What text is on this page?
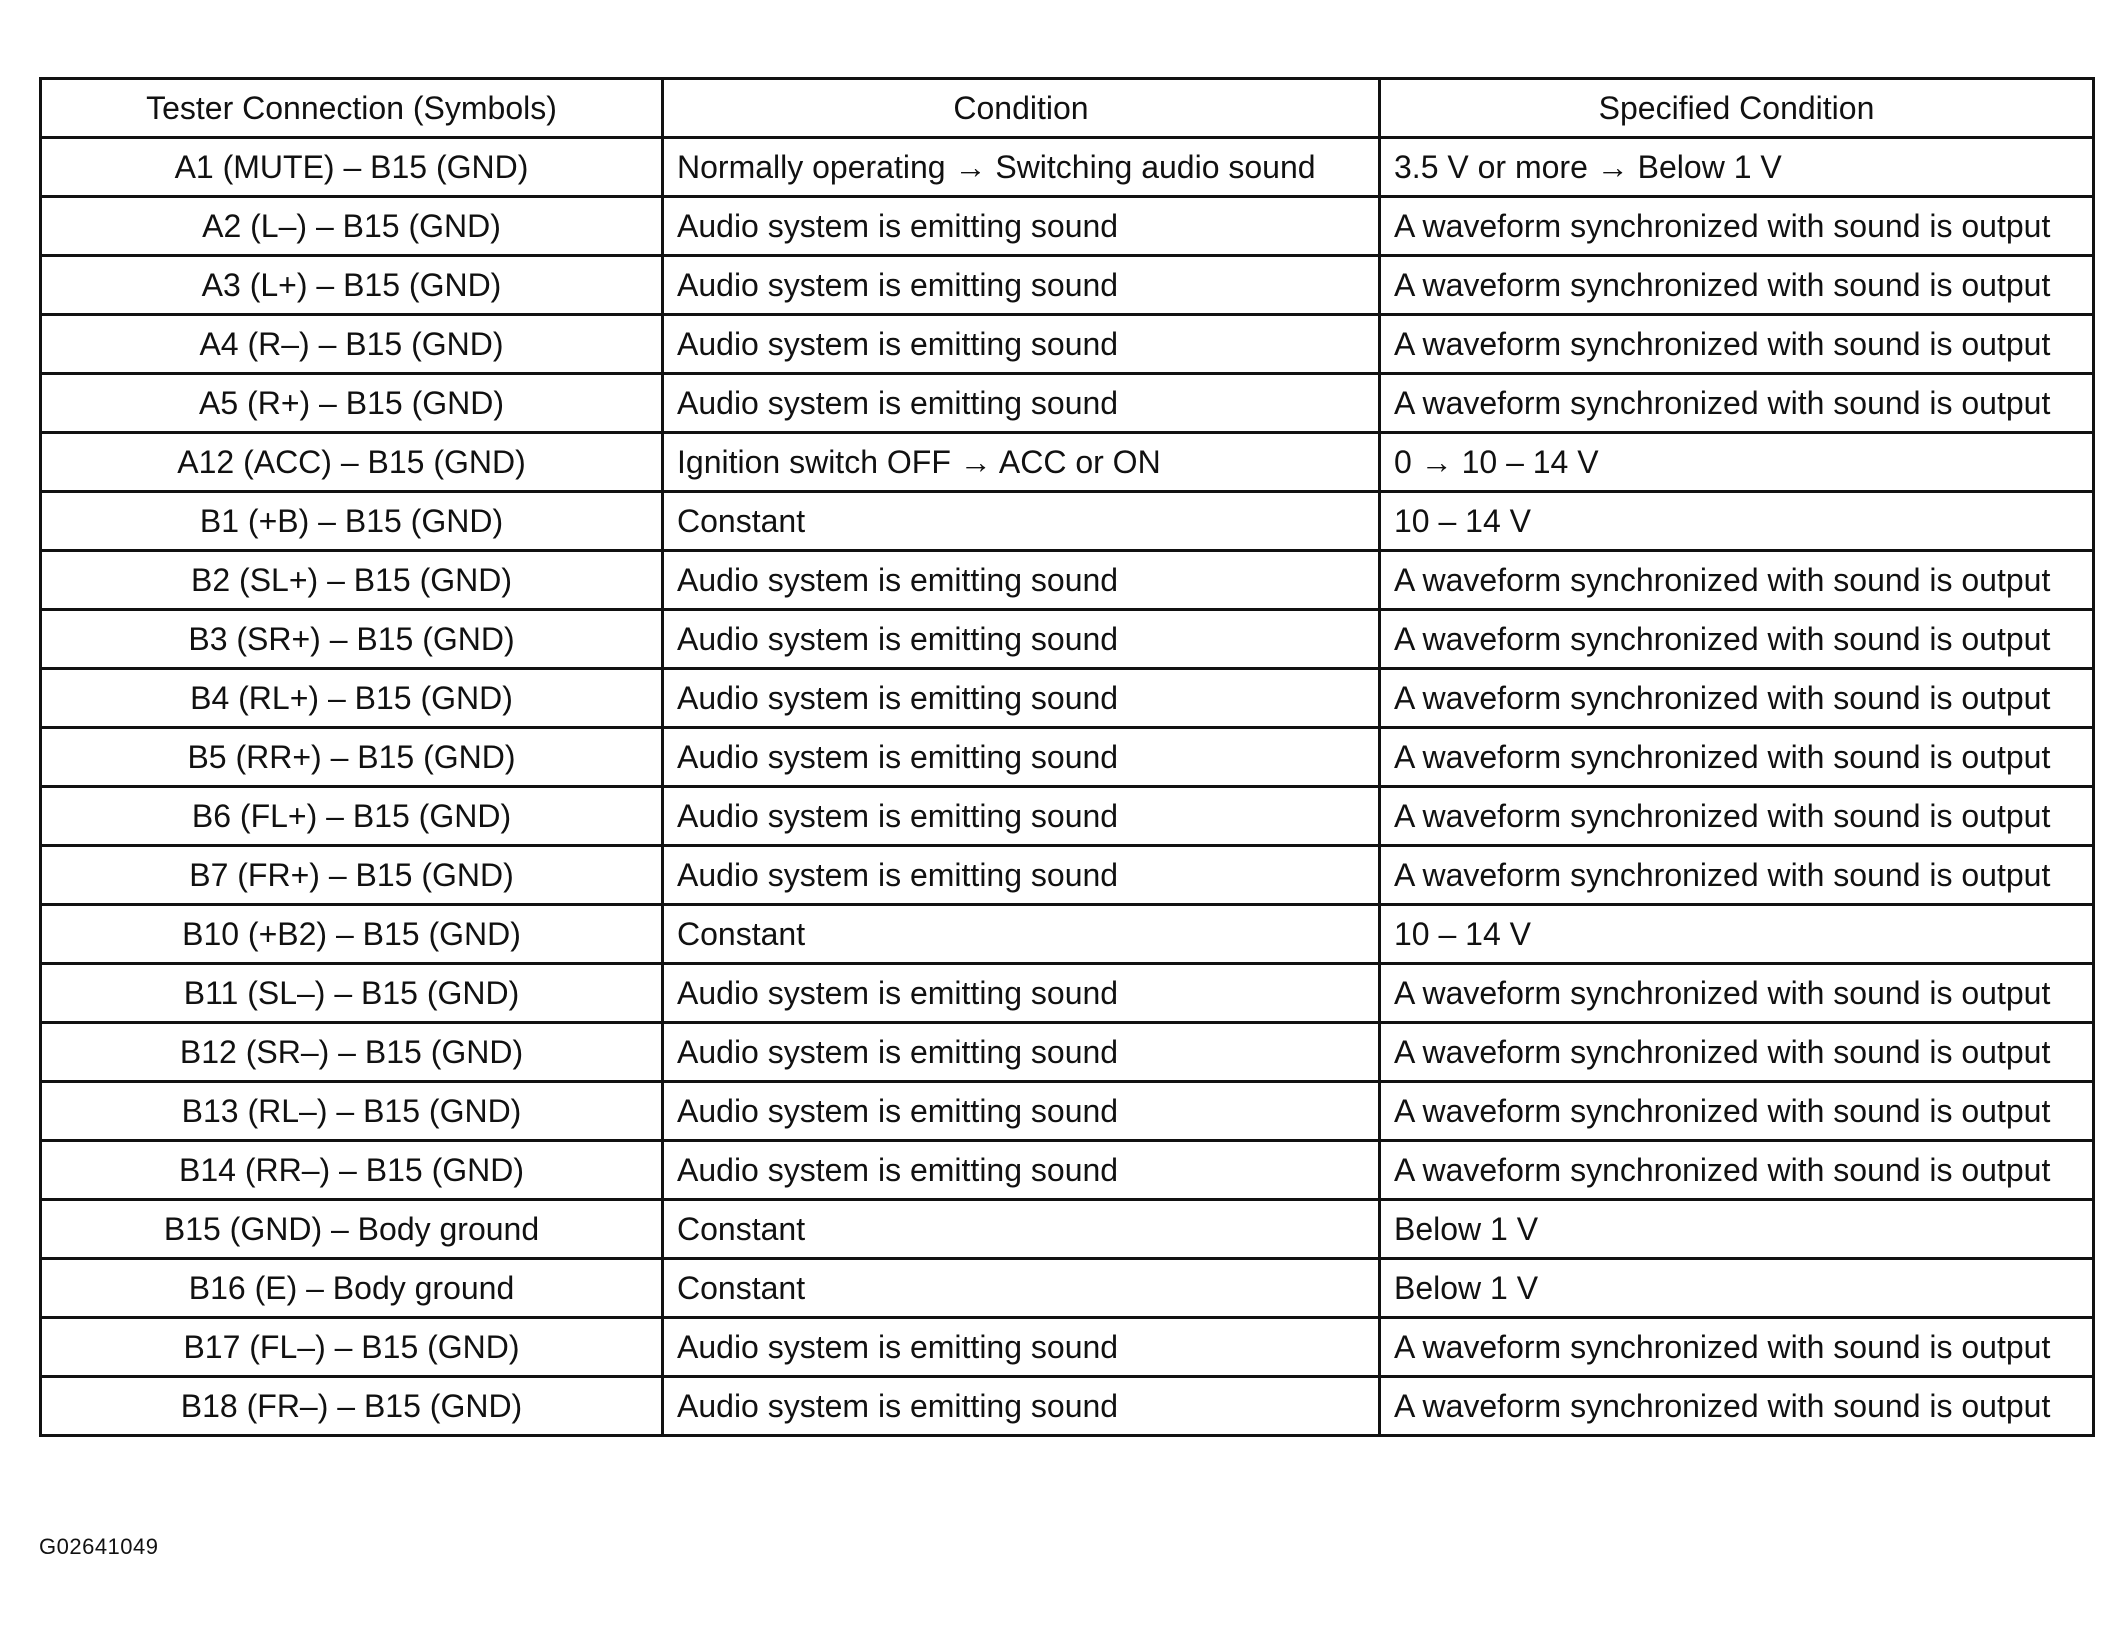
Tester Connection (Symbols)	Condition	Specified Condition
A1 (MUTE) – B15 (GND)	Normally operating → Switching audio sound	3.5 V or more → Below 1 V
A2 (L–) – B15 (GND)	Audio system is emitting sound	A waveform synchronized with sound is output
A3 (L+) – B15 (GND)	Audio system is emitting sound	A waveform synchronized with sound is output
A4 (R–) – B15 (GND)	Audio system is emitting sound	A waveform synchronized with sound is output
A5 (R+) – B15 (GND)	Audio system is emitting sound	A waveform synchronized with sound is output
A12 (ACC) – B15 (GND)	Ignition switch OFF → ACC or ON	0 → 10 – 14 V
B1 (+B) – B15 (GND)	Constant	10 – 14 V
B2 (SL+) – B15 (GND)	Audio system is emitting sound	A waveform synchronized with sound is output
B3 (SR+) – B15 (GND)	Audio system is emitting sound	A waveform synchronized with sound is output
B4 (RL+) – B15 (GND)	Audio system is emitting sound	A waveform synchronized with sound is output
B5 (RR+) – B15 (GND)	Audio system is emitting sound	A waveform synchronized with sound is output
B6 (FL+) – B15 (GND)	Audio system is emitting sound	A waveform synchronized with sound is output
B7 (FR+) – B15 (GND)	Audio system is emitting sound	A waveform synchronized with sound is output
B10 (+B2) – B15 (GND)	Constant	10 – 14 V
B11 (SL–) – B15 (GND)	Audio system is emitting sound	A waveform synchronized with sound is output
B12 (SR–) – B15 (GND)	Audio system is emitting sound	A waveform synchronized with sound is output
B13 (RL–) – B15 (GND)	Audio system is emitting sound	A waveform synchronized with sound is output
B14 (RR–) – B15 (GND)	Audio system is emitting sound	A waveform synchronized with sound is output
B15 (GND) – Body ground	Constant	Below 1 V
B16 (E) – Body ground	Constant	Below 1 V
B17 (FL–) – B15 (GND)	Audio system is emitting sound	A waveform synchronized with sound is output
B18 (FR–) – B15 (GND)	Audio system is emitting sound	A waveform synchronized with sound is output
G02641049
